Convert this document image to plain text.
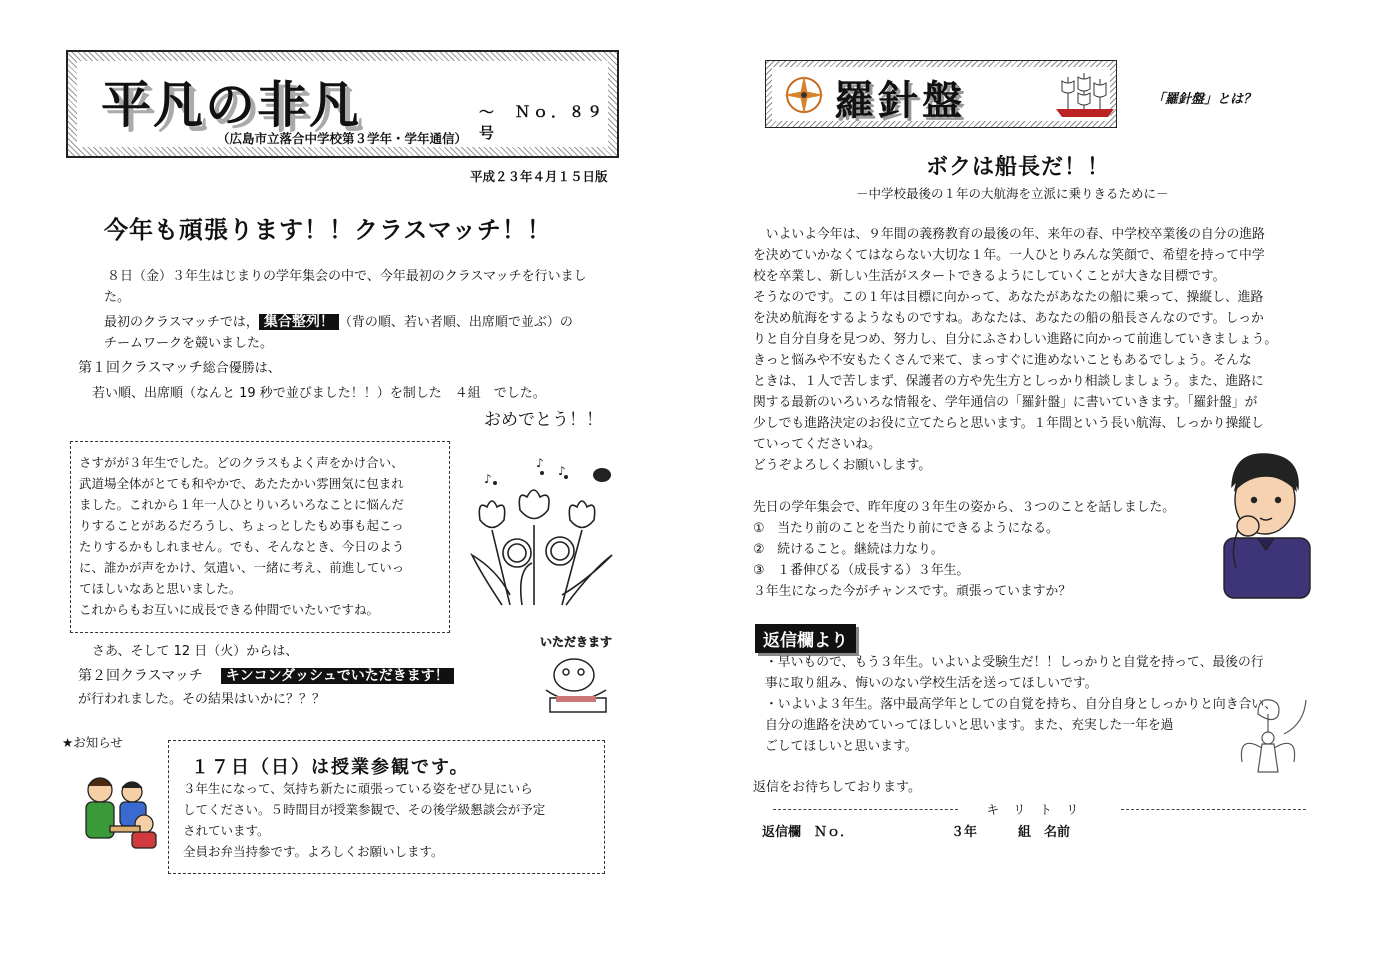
平凡の非凡	～　Ｎｏ．８９号
（広島市立落合中学校第３学年・学年通信）
平成２３年４月１５日版
今年も頑張ります！！クラスマッチ！！
８日（金）３年生はじまりの学年集会の中で、今年最初のクラスマッチを行いまし
た。
最初のクラスマッチでは， 集合整列！ （背の順、若い者順、出席順で並ぶ）の
チームワークを競いました。
第１回クラスマッチ総合優勝は、
若い順、出席順（なんと 19 秒で並びました！！）を制した　４組　でした。
おめでとう！！
さすがが３年生でした。どのクラスもよく声をかけ合い、
武道場全体がとても和やかで、あたたかい雰囲気に包まれ
ました。これから１年一人ひとりいろいろなことに悩んだ
りすることがあるだろうし、ちょっとしたもめ事も起こっ
たりするかもしれません。でも、そんなとき、今日のよう
に、誰かが声をかけ、気遣い、一緒に考え、前進していっ
てほしいなあと思いました。
これからもお互いに成長できる仲間でいたいですね。
♪
♪
♪
さあ、そして 12 日（火）からは、
第２回クラスマッチ キンコンダッシュでいただきます！
が行われました。その結果はいかに？？？
いただきます
★お知らせ
１７日（日）は授業参観です。
３年生になって、気持ち新たに頑張っている姿をぜひ見にいら
してください。５時間目が授業参観で、その後学級懇談会が予定
されています。
全員お弁当持参です。よろしくお願いします。
羅針盤	「羅針盤」とは？
ボクは船長だ！！
－中学校最後の１年の大航海を立派に乗りきるために－
　いよいよ今年は、９年間の義務教育の最後の年、来年の春、中学校卒業後の自分の進路
を決めていかなくてはならない大切な１年。一人ひとりみんな笑顔で、希望を持って中学
校を卒業し、新しい生活がスタートできるようにしていくことが大きな目標です。
そうなのです。この１年は目標に向かって、あなたがあなたの船に乗って、操縦し、進路
を決め航海をするようなものですね。あなたは、あなたの船の船長さんなのです。しっか
りと自分自身を見つめ、努力し、自分にふさわしい進路に向かって前進していきましょう。
きっと悩みや不安もたくさんで来て、まっすぐに進めないこともあるでしょう。そんな
ときは、１人で苦しまず、保護者の方や先生方としっかり相談しましょう。また、進路に
関する最新のいろいろな情報を、学年通信の「羅針盤」に書いていきます。「羅針盤」が
少しでも進路決定のお役に立てたらと思います。１年間という長い航海、しっかり操縦し
ていってくださいね。
どうぞよろしくお願いします。
先日の学年集会で、昨年度の３年生の姿から、３つのことを話しました。
①　当たり前のことを当たり前にできるようになる。
②　続けること。継続は力なり。
③　１番伸びる（成長する）３年生。
３年生になった今がチャンスです。頑張っていますか？
返信欄より
・早いもので、もう３年生。いよいよ受験生だ！！しっかりと自覚を持って、最後の行
事に取り組み、悔いのない学校生活を送ってほしいです。
・いよいよ３年生。落中最高学年としての自覚を持ち、自分自身としっかりと向き合い、
自分の進路を決めていってほしいと思います。また、充実した一年を過
ごしてほしいと思います。
返信をお待ちしております。
キリトリ
返信欄　Ｎｏ．	３年	組　名前
